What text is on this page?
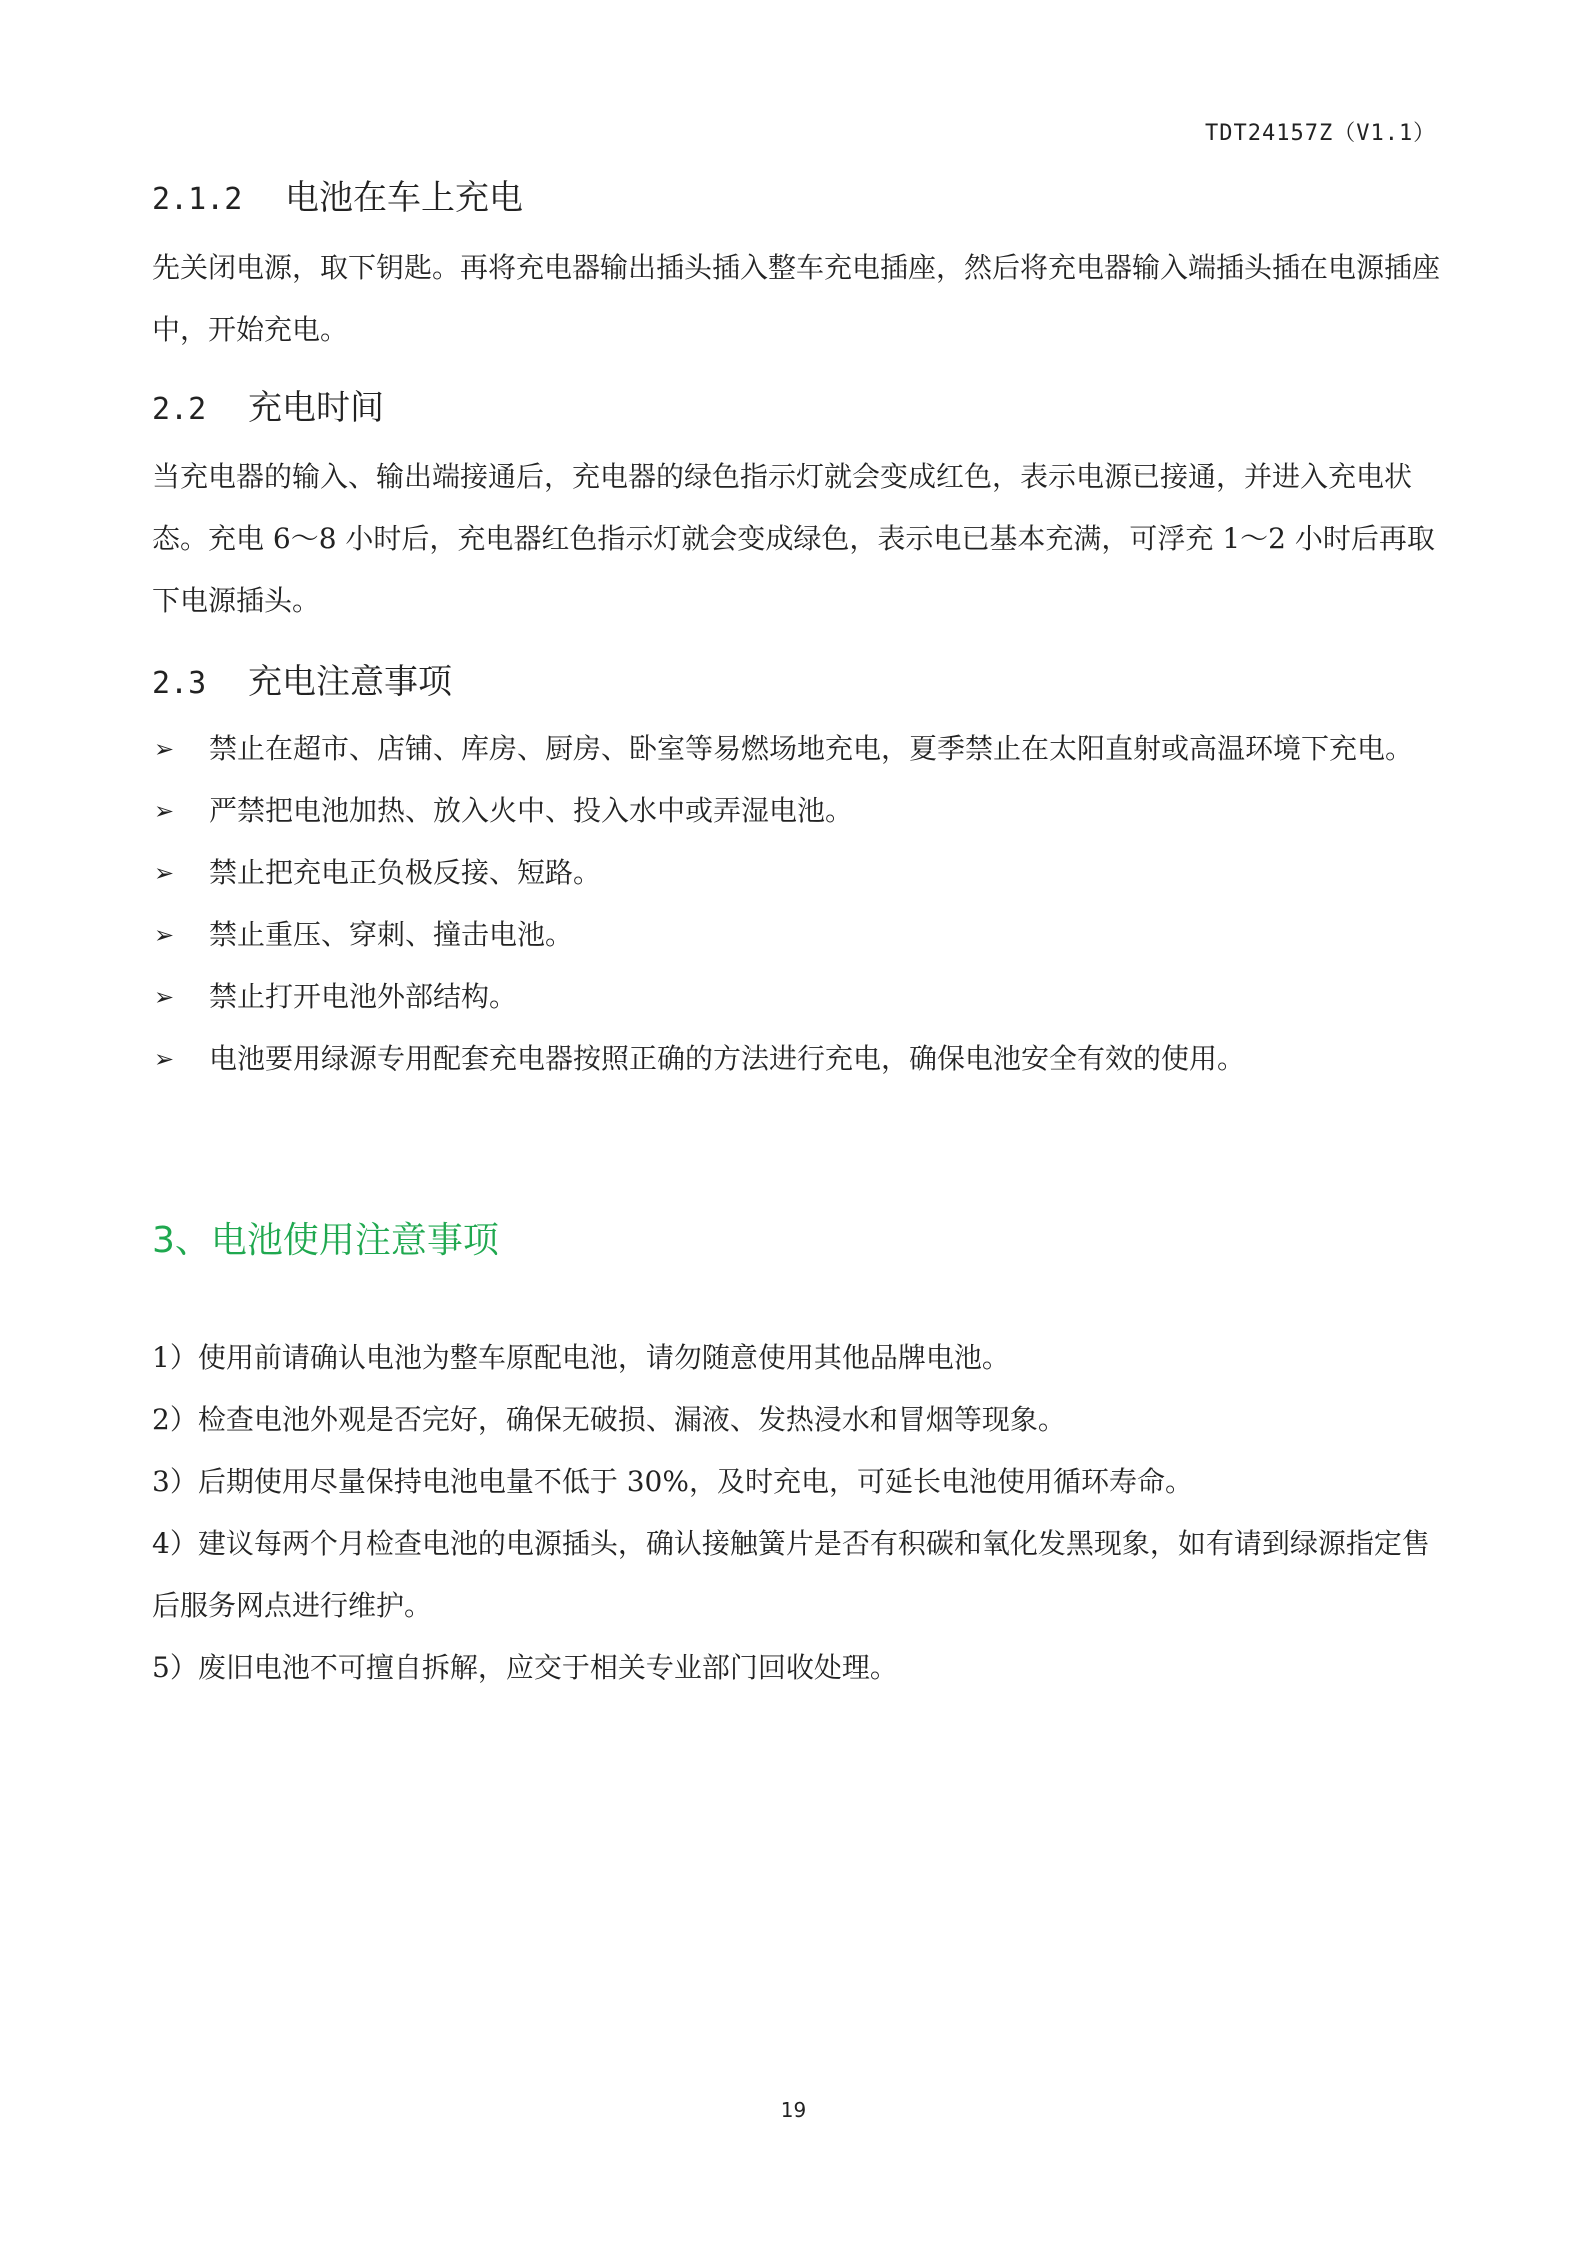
TDT24157Z（V1.1）
2.1.2 电池在车上充电
先关闭电源，取下钥匙。再将充电器输出插头插入整车充电插座，然后将充电器输入端插头插在电源插座中，开始充电。
2.2 充电时间
当充电器的输入、输出端接通后，充电器的绿色指示灯就会变成红色，表示电源已接通，并进入充电状态。充电 6～8 小时后，充电器红色指示灯就会变成绿色，表示电已基本充满，可浮充 1～2 小时后再取下电源插头。
2.3 充电注意事项
➢ 禁止在超市、店铺、库房、厨房、卧室等易燃场地充电，夏季禁止在太阳直射或高温环境下充电。
➢ 严禁把电池加热、放入火中、投入水中或弄湿电池。
➢ 禁止把充电正负极反接、短路。
➢ 禁止重压、穿刺、撞击电池。
➢ 禁止打开电池外部结构。
➢ 电池要用绿源专用配套充电器按照正确的方法进行充电，确保电池安全有效的使用。
3、电池使用注意事项
1）使用前请确认电池为整车原配电池，请勿随意使用其他品牌电池。
2）检查电池外观是否完好，确保无破损、漏液、发热浸水和冒烟等现象。
3）后期使用尽量保持电池电量不低于 30%，及时充电，可延长电池使用循环寿命。
4）建议每两个月检查电池的电源插头，确认接触簧片是否有积碳和氧化发黑现象，如有请到绿源指定售后服务网点进行维护。
5）废旧电池不可擅自拆解，应交于相关专业部门回收处理。
19
